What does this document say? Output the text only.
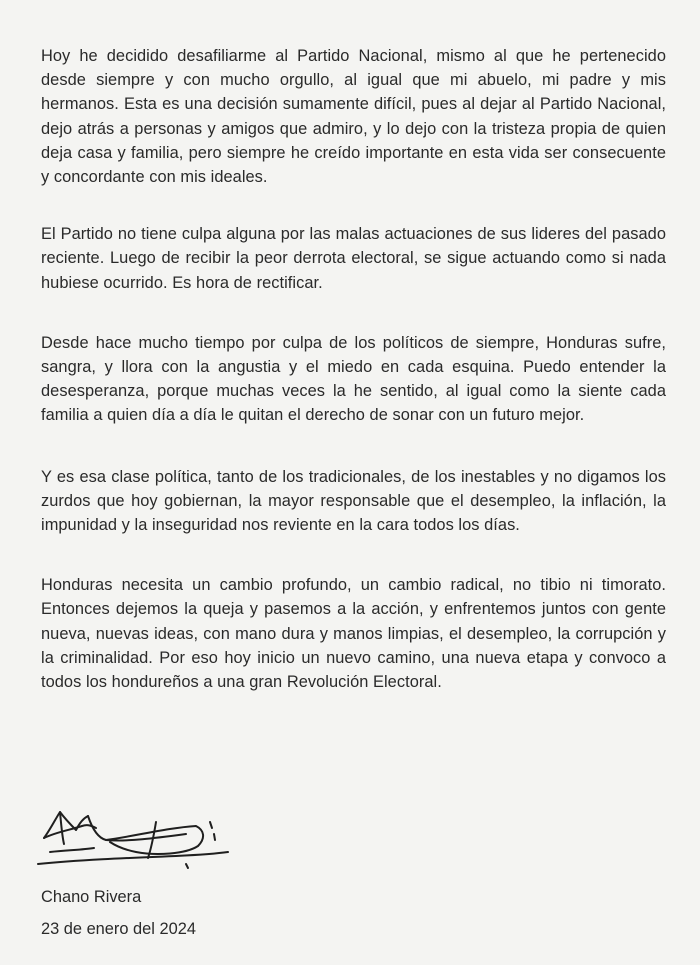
Hoy he decidido desafiliarme al Partido Nacional, mismo al que he pertenecido desde siempre y con mucho orgullo, al igual que mi abuelo, mi padre y mis hermanos. Esta es una decisión sumamente difícil, pues al dejar al Partido Nacional, dejo atrás a personas y amigos que admiro, y lo dejo con la tristeza propia de quien deja casa y familia, pero siempre he creído importante en esta vida ser consecuente y concordante con mis ideales.

El Partido no tiene culpa alguna por las malas actuaciones de sus lideres del pasado reciente. Luego de recibir la peor derrota electoral, se sigue actuando como si nada hubiese ocurrido. Es hora de rectificar.

Desde hace mucho tiempo por culpa de los políticos de siempre, Honduras sufre, sangra, y llora con la angustia y el miedo en cada esquina. Puedo entender la desesperanza, porque muchas veces la he sentido, al igual como la siente cada familia a quien día a día le quitan el derecho de sonar con un futuro mejor.

Y es esa clase política, tanto de los tradicionales, de los inestables y no digamos los zurdos que hoy gobiernan, la mayor responsable que el desempleo, la inflación, la impunidad y la inseguridad nos reviente en la cara todos los días.

Honduras necesita un cambio profundo, un cambio radical, no tibio ni timorato. Entonces dejemos la queja y pasemos a la acción, y enfrentemos juntos con gente nueva, nuevas ideas, con mano dura y manos limpias, el desempleo, la corrupción y la criminalidad. Por eso hoy inicio un nuevo camino, una nueva etapa y convoco a todos los hondureños a una gran Revolución Electoral.

Chano Rivera
23 de enero del 2024
